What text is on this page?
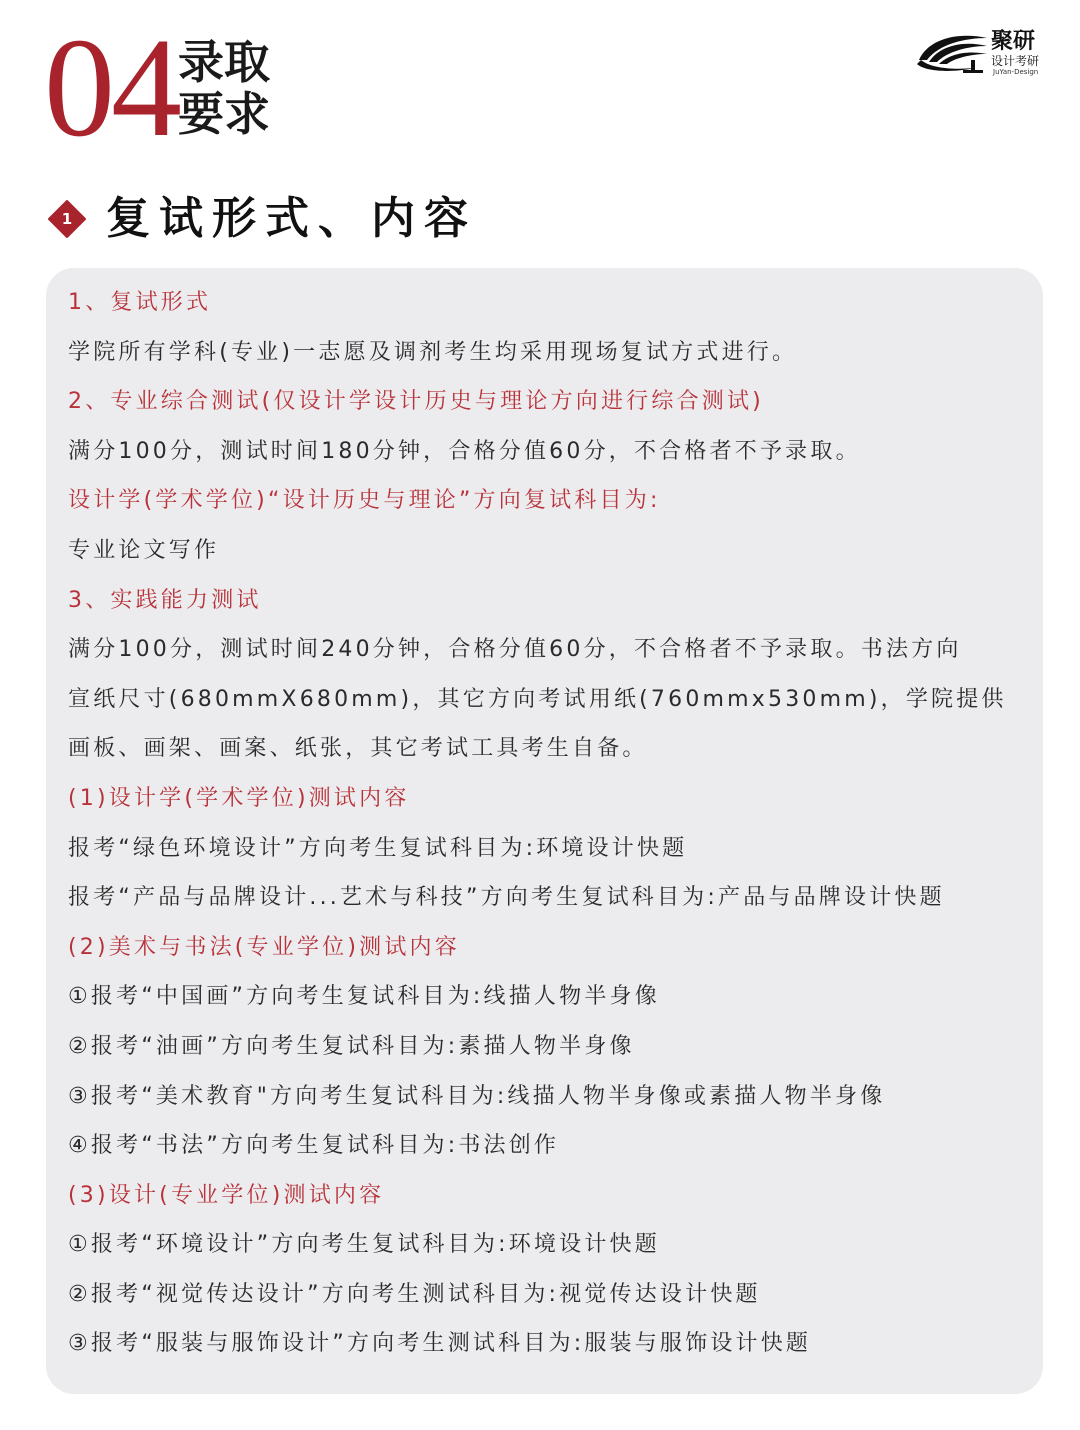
04 录取
要求
聚研
设计考研
JuYan-Design
1 复试形式、内容
1、复试形式
学院所有学科(专业)一志愿及调剂考生均采用现场复试方式进行。
2、专业综合测试(仅设计学设计历史与理论方向进行综合测试)
满分100分，测试时间180分钟，合格分值60分，不合格者不予录取。
设计学(学术学位)“设计历史与理论”方向复试科目为:
专业论文写作
3、实践能力测试
满分100分，测试时间240分钟，合格分值60分，不合格者不予录取。书法方向
宣纸尺寸(680mmX680mm)，其它方向考试用纸(760mmx530mm)，学院提供
画板、画架、画案、纸张，其它考试工具考生自备。
(1)设计学(学术学位)测试内容
报考“绿色环境设计”方向考生复试科目为:环境设计快题
报考“产品与品牌设计...艺术与科技”方向考生复试科目为:产品与品牌设计快题
(2)美术与书法(专业学位)测试内容
①报考“中国画”方向考生复试科目为:线描人物半身像
②报考“油画”方向考生复试科目为:素描人物半身像
③报考“美术教育"方向考生复试科目为:线描人物半身像或素描人物半身像
④报考“书法”方向考生复试科目为:书法创作
(3)设计(专业学位)测试内容
①报考“环境设计”方向考生复试科目为:环境设计快题
②报考“视觉传达设计”方向考生测试科目为:视觉传达设计快题
③报考“服装与服饰设计”方向考生测试科目为:服装与服饰设计快题
